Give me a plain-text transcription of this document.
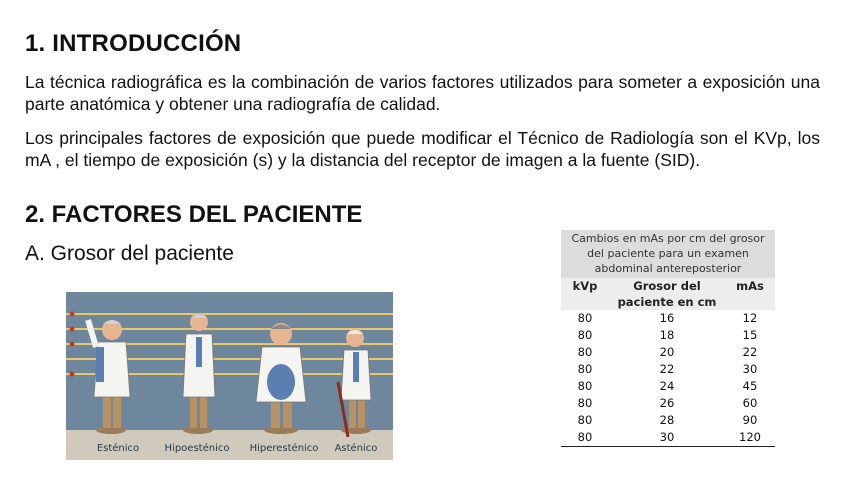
1. INTRODUCCIÓN
La técnica radiográfica es la combinación de varios factores utilizados para someter a exposición una parte anatómica y obtener una radiografía de calidad.
Los principales factores de exposición que puede modificar el Técnico de Radiología son el KVp, los mA , el tiempo de exposición (s) y la distancia del receptor de imagen a la fuente (SID).
2. FACTORES DEL PACIENTE
A. Grosor del paciente
Esténico	Hipoesténico Hiperesténico Asténico
Cambios en mAs por cm del grosor del paciente para un examen abdominal antereposterior
kVp	Grosor del paciente en cm	mAs
80	16	12
80	18	15
80	20	22
80	22	30
80	24	45
80	26	60
80	28	90
80	30	120
